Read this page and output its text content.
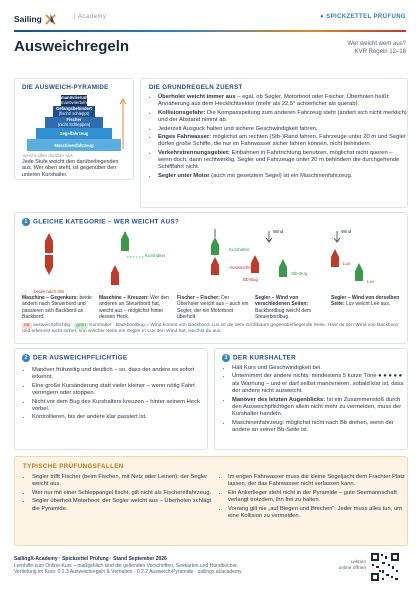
Sailing	| Academy	● SPICKZETTEL PRÜFUNG
Ausweichregeln	Wer weicht wem aus?
KVR Regeln 12–18
DIE AUSWEICH-PYRAMIDE
manövrierunfähig
manövrierbehindert
Gefangsbehindert
(fischt/ schleppt)
Fischer
(nicht Schleppen)
Segelfahrzeug
Maschinenfahrzeug
weicht allen darüber aus
Jede Stufe weicht den darüberliegenden aus. Wer oben steht, ist gegenüber den unteren Kurshalter.
DIE GRUNDREGELN ZUERST
• Überholer weicht immer aus – egal, ob Segler, Motorboot oder Fischer. Überholen heißt: Annäherung aus dem Hecklichtsektor (mehr als 22,5° achterlicher als querab).
• Kollisionsgefahr: Die Kompasspeilung zum anderen Fahrzeug steht (ändert sich nicht merklich) und der Abstand nimmt ab.
• Jederzeit Ausguck halten und sichere Geschwindigkeit fahren.
• Enges Fahrwasser: möglichst am rechten (Stb-)Rand fahren. Fahrzeuge unter 20 m und Segler dürfen große Schiffe, die nur im Fahrwasser sicher fahren können, nicht behindern.
• Verkehrstrennungsgebiet: Einbahnen in Fahrtrichtung benutzen, möglichst nicht queren – wenn doch, dann rechtwinklig. Segler und Fahrzeuge unter 20 m behindern die durchgehende Schifffahrt nicht.
• Segler unter Motor (auch mit gesetztem Segel) ist ein Maschinenfahrzeug.
1 GLEICHE KATEGORIE – WER WEICHT AUS?
beide nach Stb
Kurshalter
Kurshalter
Ausweicher
Wind	Wind
Bb-Bug
Stb-Bug
Luv
Lee
Maschine – Gegenkurs: beide ändern nach Steuerbord und passieren sich Backbord an Backbord.
Maschine – Kreuzen: Wer den anderen an Steuerbord hat, weicht aus – möglichst hinter dessen Heck.
Fischer – Fischer: Der Überholer weicht aus – auch ein Segler, der ein Motorboot überholt.
Segler – Wind von verschiedenen Seiten: Backbordbug weicht dem Steuerbordbug.
Segler – Wind von derselben Seite: Luv weicht Lee aus.
rot ausweichpflichtig · grün Kurshalter · Backbordbug = Wind kommt von Backbord. Luv ist die dem Großbaum gegenüberliegende Seite. Hast du den Wind von Backbord und erkennst nicht sicher, von welcher Seite ein Segler in Luv den Wind hat, weichst du aus.
2 DER AUSWEICHPFLICHTIGE
• Manöver frühzeitig und deutlich – so, dass der andere es sofort erkennt.
• Eine große Kursänderung statt vieler kleiner – wenn nötig Fahrt verringern oder stoppen.
• Nicht vor dem Bug des Kurshalters kreuzen – hinter seinem Heck vorbei.
• Kontrollieren, bis der andere klar passiert ist.
3 DER KURSHALTER
• Hält Kurs und Geschwindigkeit bei.
• Unternimmt der andere nichts: mindestens 5 kurze Töne ● ● ● ● ● als Warnung – und er darf selbst manövrieren, sobald klar ist, dass der andere nicht ausweicht.
• Manöver des letzten Augenblicks: Ist ein Zusammenstoß durch den Ausweichpflichtigen allein nicht mehr zu vermeiden, muss der Kurshalter handeln.
• Maschinenfahrzeug: möglichst nicht nach Bb drehen, wenn der andere an seiner Bb-Seite ist.
TYPISCHE PRÜFUNGSFALLEN
• Segler trifft Fischer (beim Fischen, mit Netz oder Leinen): der Segler weicht aus.
• Wer nur mit einer Schleppangel fischt, gilt nicht als Fischereifahrzeug.
• Segler überholt Motorboot: der Segler weicht aus – Überholen schlägt die Pyramide.
• Im engen Fahrwasser muss die kleine Segeljacht dem Frachter Platz lassen, der das Fahrwasser nicht verlassen kann.
• Ein Ankerlieger steht nicht in der Pyramide – gute Seemannschaft verlangt trotzdem, ihn frei zu halten.
• Vorrang gilt nie „auf Biegen und Brechen“: Jeder muss alles tun, um eine Kollision zu vermeiden.
SailingX-Academy · Spickzettel Prüfung · Stand September 2026
Lernhilfe zum Online-Kurs – maßgeblich sind die geltenden Vorschriften, Seekarten und Handbücher.
Vertiefung im Kurs: 0.2.3 Ausweichregeln & Verhalten · 0.2.2 Ausweich-Pyramide · sailingx.at/academy
Lektion
online öffnen
